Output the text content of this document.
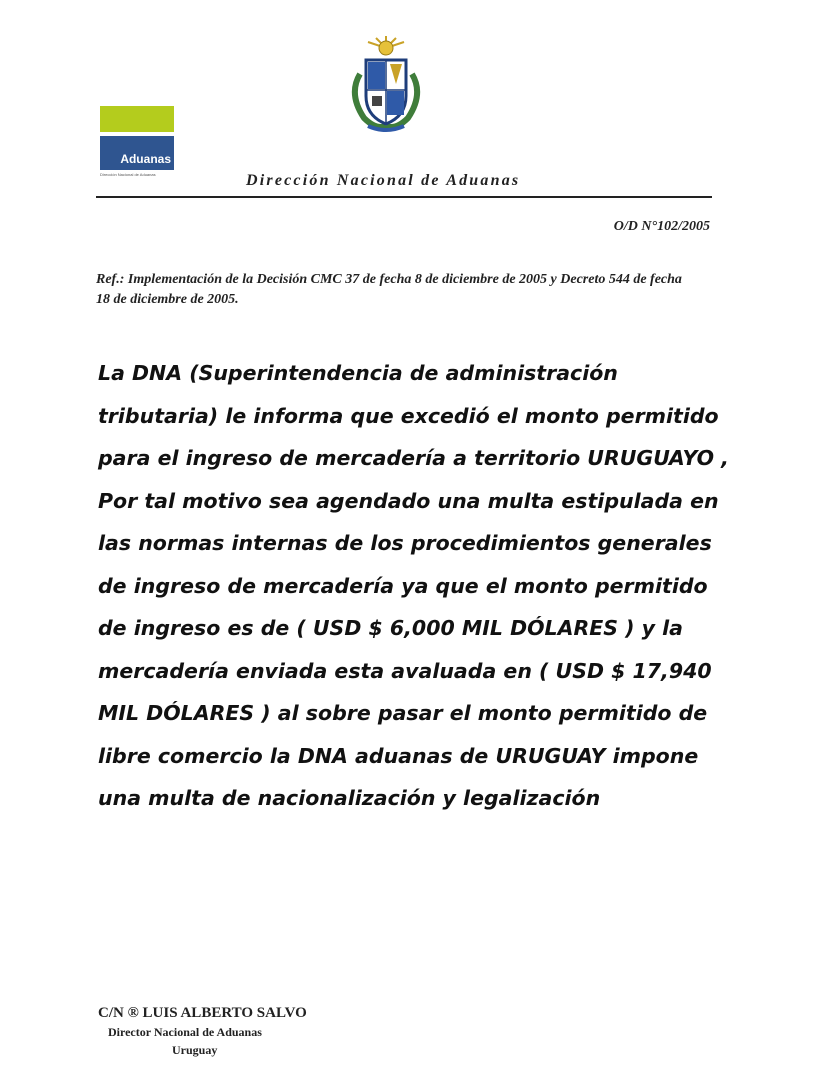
Aduanas
Dirección Nacional de Aduanas	Dirección Nacional de Aduanas
O/D N°102/2005
Ref.: Implementación de la Decisión CMC 37 de fecha 8 de diciembre de 2005 y Decreto 544 de fecha 18 de diciembre de 2005.

La DNA (Superintendencia de administración tributaria) le informa que excedió el monto permitido para el ingreso de mercadería a territorio URUGUAYO ,

Por tal motivo sea agendado una multa estipulada en las normas internas de los procedimientos generales de ingreso de mercadería ya que el monto permitido de ingreso es de ( USD $ 6,000 MIL DÓLARES ) y la mercadería enviada esta avaluada en ( USD $ 17,940 MIL DÓLARES ) al sobre pasar el monto permitido de libre comercio la DNA aduanas de URUGUAY impone una multa de nacionalización y legalización

C/N ® LUIS ALBERTO SALVO
Director Nacional de Aduanas
Uruguay
